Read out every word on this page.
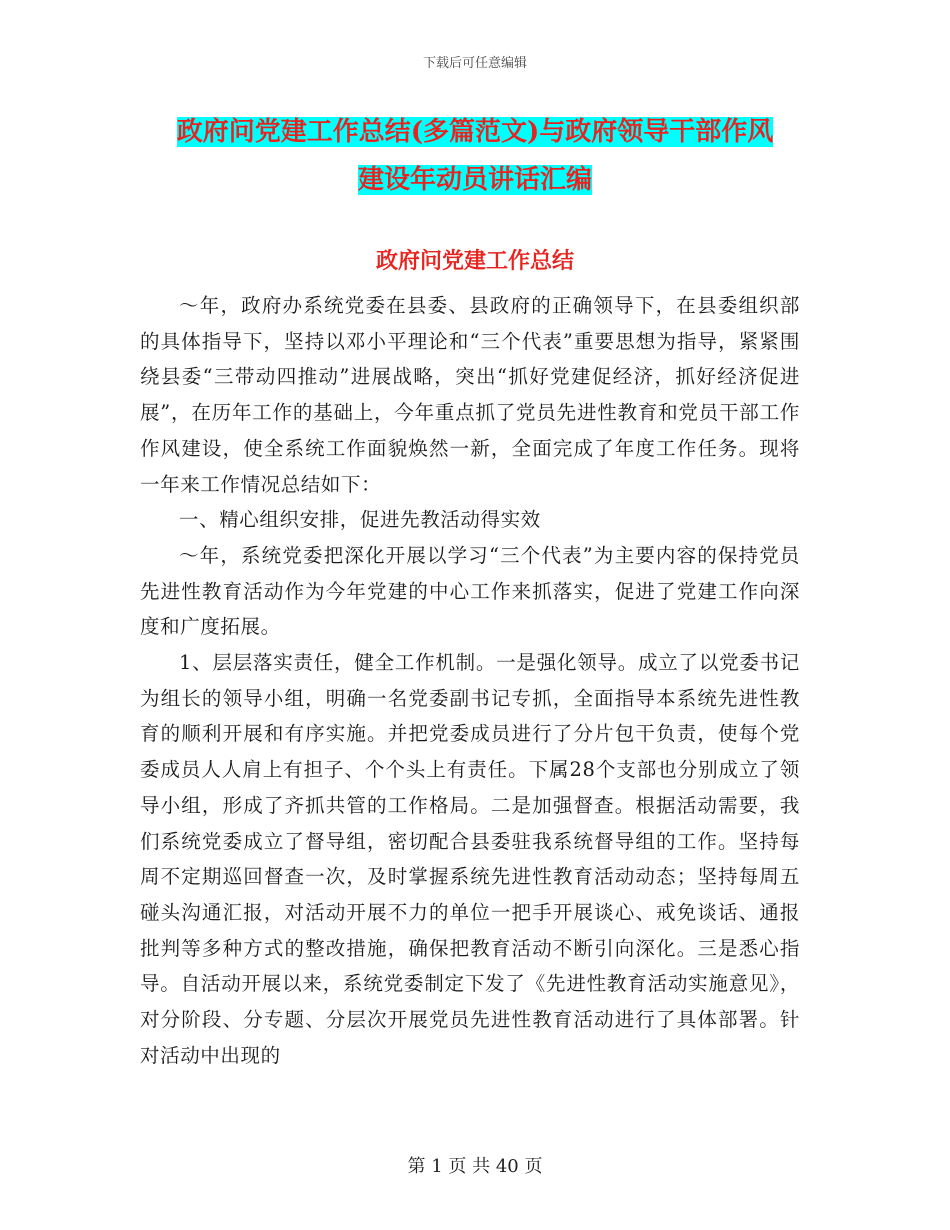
下载后可任意编辑
政府问党建工作总结(多篇范文)与政府领导干部作风
建设年动员讲话汇编
政府问党建工作总结

～年，政府办系统党委在县委、县政府的正确领导下，在县委组织部的具体指导下，坚持以邓小平理论和“三个代表”重要思想为指导，紧紧围绕县委“三带动四推动”进展战略，突出“抓好党建促经济，抓好经济促进展”，在历年工作的基础上，今年重点抓了党员先进性教育和党员干部工作作风建设，使全系统工作面貌焕然一新，全面完成了年度工作任务。现将一年来工作情况总结如下：

一、精心组织安排，促进先教活动得实效

～年，系统党委把深化开展以学习“三个代表”为主要内容的保持党员先进性教育活动作为今年党建的中心工作来抓落实，促进了党建工作向深度和广度拓展。

1、层层落实责任，健全工作机制。一是强化领导。成立了以党委书记为组长的领导小组，明确一名党委副书记专抓，全面指导本系统先进性教育的顺利开展和有序实施。并把党委成员进行了分片包干负责，使每个党委成员人人肩上有担子、个个头上有责任。下属28个支部也分别成立了领导小组，形成了齐抓共管的工作格局。二是加强督查。根据活动需要，我们系统党委成立了督导组，密切配合县委驻我系统督导组的工作。坚持每周不定期巡回督查一次，及时掌握系统先进性教育活动动态；坚持每周五碰头沟通汇报，对活动开展不力的单位一把手开展谈心、戒免谈话、通报批判等多种方式的整改措施，确保把教育活动不断引向深化。三是悉心指导。自活动开展以来，系统党委制定下发了《先进性教育活动实施意见》，对分阶段、分专题、分层次开展党员先进性教育活动进行了具体部署。针对活动中出现的

第 1 页 共 40 页
